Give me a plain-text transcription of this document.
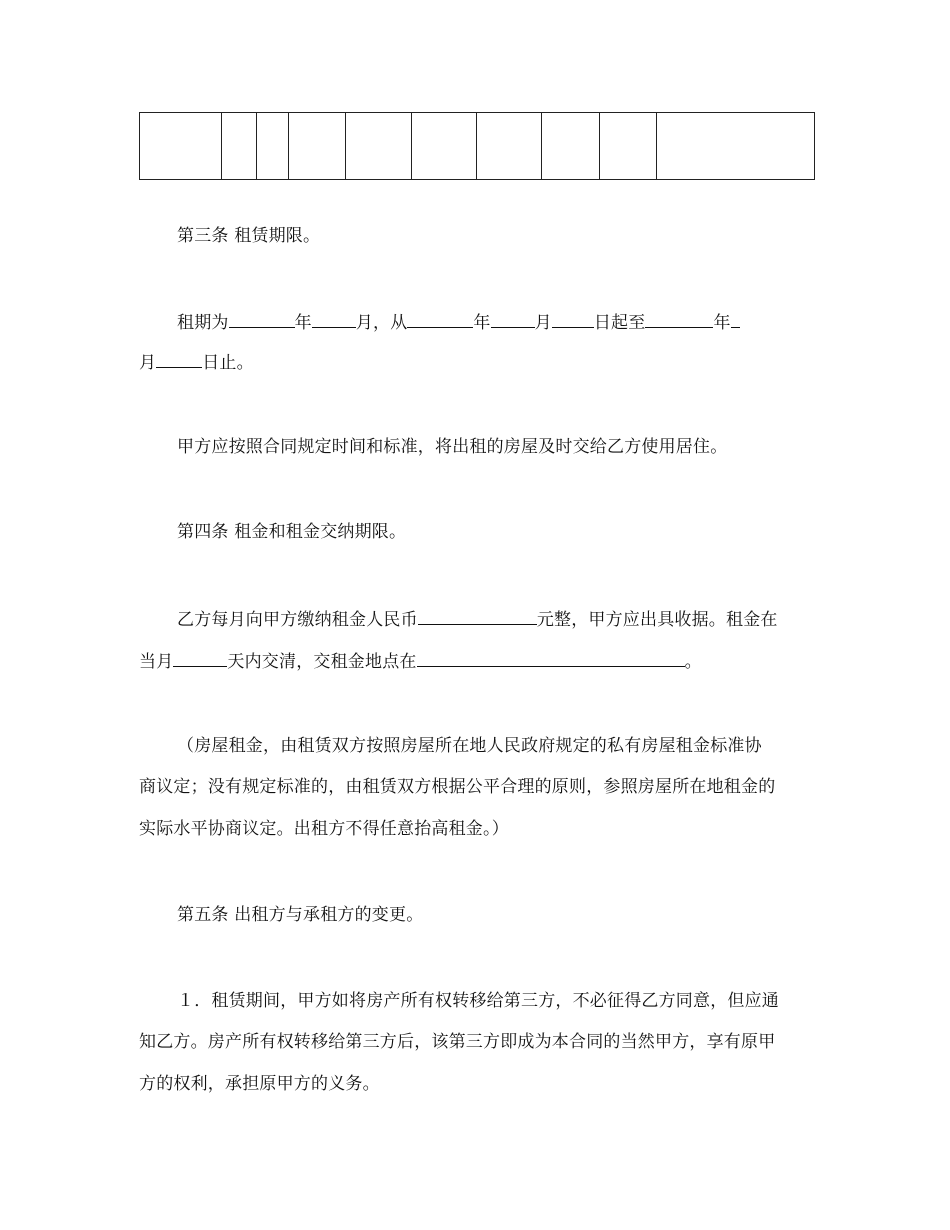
第三条 租赁期限。
租期为	年	月，从	年	月 日起至	年
月	日止。
甲方应按照合同规定时间和标准，将出租的房屋及时交给乙方使用居住。
第四条 租金和租金交纳期限。
乙方每月向甲方缴纳租金人民币	元整，甲方应出具收据。租金在
当月	天内交清，交租金地点在	。
（房屋租金，由租赁双方按照房屋所在地人民政府规定的私有房屋租金标准协
商议定；没有规定标准的，由租赁双方根据公平合理的原则，参照房屋所在地租金的
实际水平协商议定。出租方不得任意抬高租金。）
第五条 出租方与承租方的变更。
１．租赁期间，甲方如将房产所有权转移给第三方，不必征得乙方同意，但应通
知乙方。房产所有权转移给第三方后，该第三方即成为本合同的当然甲方，享有原甲
方的权利，承担原甲方的义务。
